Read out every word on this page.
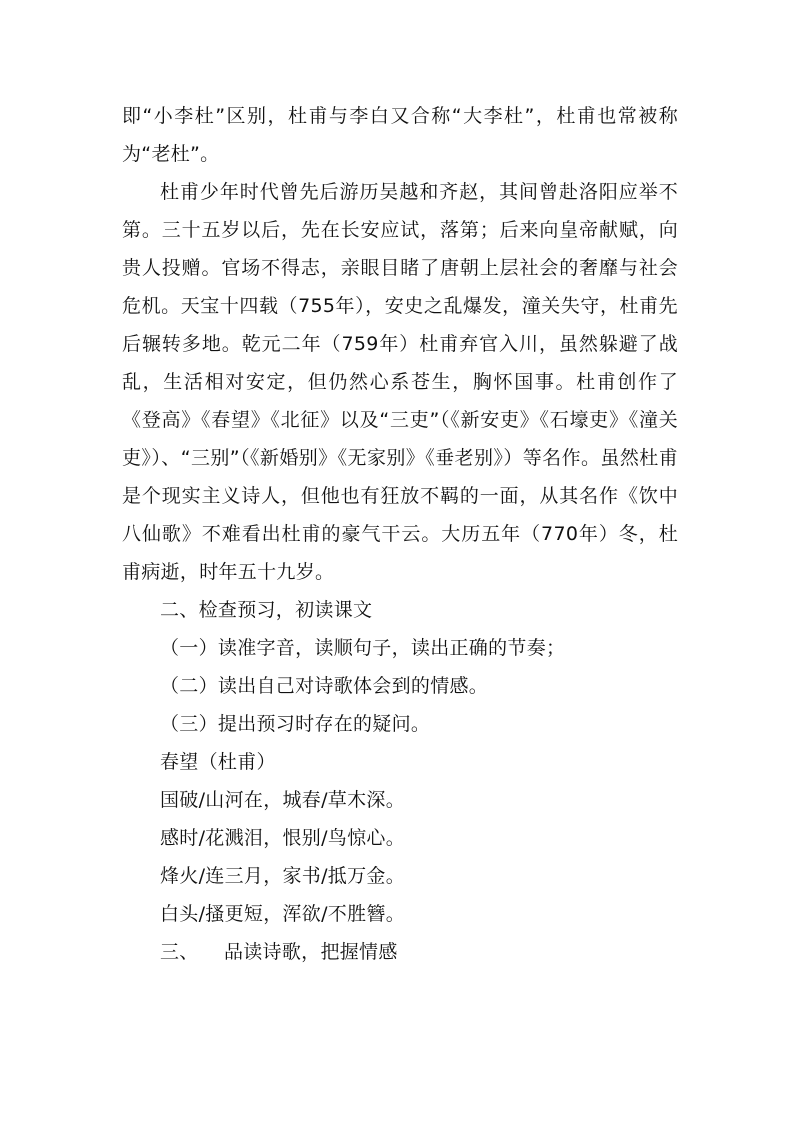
即“小李杜”区别，杜甫与李白又合称“大李杜”，杜甫也常被称为“老杜”。

杜甫少年时代曾先后游历吴越和齐赵，其间曾赴洛阳应举不第。三十五岁以后，先在长安应试，落第；后来向皇帝献赋，向贵人投赠。官场不得志，亲眼目睹了唐朝上层社会的奢靡与社会危机。天宝十四载（755年），安史之乱爆发，潼关失守，杜甫先后辗转多地。乾元二年（759年）杜甫弃官入川，虽然躲避了战乱，生活相对安定，但仍然心系苍生，胸怀国事。杜甫创作了《登高》《春望》《北征》以及“三吏”（《新安吏》《石壕吏》《潼关吏》）、“三别”（《新婚别》《无家别》《垂老别》）等名作。虽然杜甫是个现实主义诗人，但他也有狂放不羁的一面，从其名作《饮中八仙歌》不难看出杜甫的豪气干云。大历五年（770年）冬，杜甫病逝，时年五十九岁。

二、检查预习，初读课文

（一）读准字音，读顺句子，读出正确的节奏；

（二）读出自己对诗歌体会到的情感。

（三）提出预习时存在的疑问。

春望（杜甫）

国破/山河在，城春/草木深。

感时/花溅泪，恨别/鸟惊心。

烽火/连三月，家书/抵万金。

白头/搔更短，浑欲/不胜簪。

三、    品读诗歌，把握情感
